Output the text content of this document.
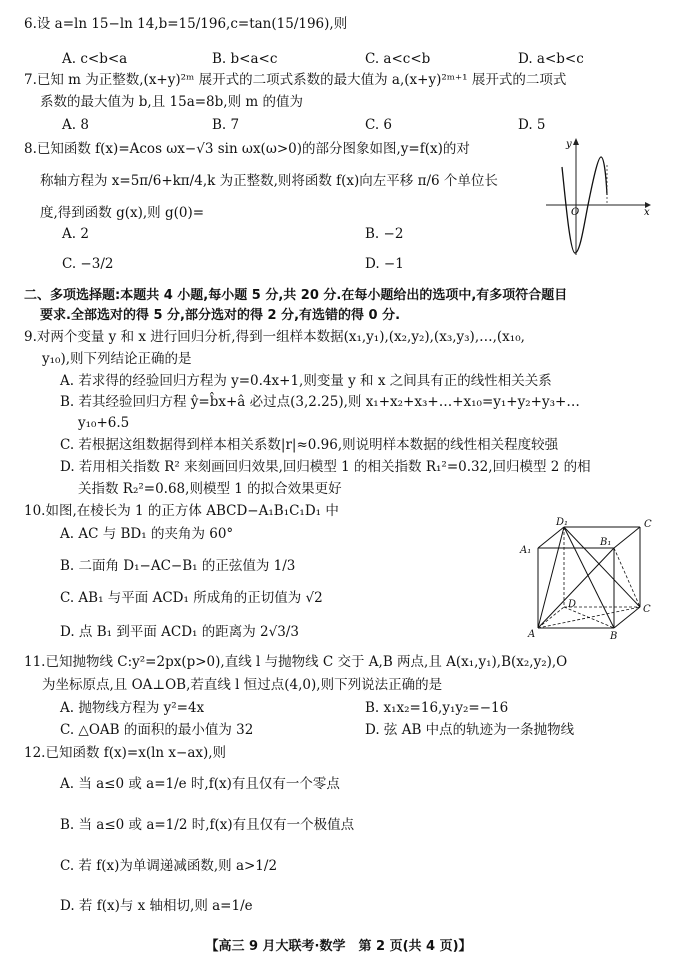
6.设 a=ln 15−ln 14,b=15/196,c=tan(15/196),则
A. c<b<a	B. b<a<c	C. a<c<b	D. a<b<c
7.已知 m 为正整数,(x+y)²ᵐ 展开式的二项式系数的最大值为 a,(x+y)²ᵐ⁺¹ 展开式的二项式
系数的最大值为 b,且 15a=8b,则 m 的值为
A. 8	B. 7	C. 6	D. 5
8.已知函数 f(x)=Acos ωx−√3 sin ωx(ω>0)的部分图象如图,y=f(x)的对
称轴方程为 x=5π/6+kπ/4,k 为正整数,则将函数 f(x)向左平移 π/6 个单位长
度,得到函数 g(x),则 g(0)=
A. 2	B. −2
C. −3/2	D. −1
y
O	x
二、多项选择题:本题共 4 小题,每小题 5 分,共 20 分.在每小题给出的选项中,有多项符合题目
要求.全部选对的得 5 分,部分选对的得 2 分,有选错的得 0 分.
9.对两个变量 y 和 x 进行回归分析,得到一组样本数据(x₁,y₁),(x₂,y₂),(x₃,y₃),…,(x₁₀,
y₁₀),则下列结论正确的是
A. 若求得的经验回归方程为 y=0.4x+1,则变量 y 和 x 之间具有正的线性相关关系
B. 若其经验回归方程 ŷ=b̂x+â 必过点(3,2.25),则 x₁+x₂+x₃+…+x₁₀=y₁+y₂+y₃+…
y₁₀+6.5
C. 若根据这组数据得到样本相关系数|r|≈0.96,则说明样本数据的线性相关程度较强
D. 若用相关指数 R² 来刻画回归效果,回归模型 1 的相关指数 R₁²=0.32,回归模型 2 的相
关指数 R₂²=0.68,则模型 1 的拟合效果更好
10.如图,在棱长为 1 的正方体 ABCD−A₁B₁C₁D₁ 中
A. AC 与 BD₁ 的夹角为 60°
B. 二面角 D₁−AC−B₁ 的正弦值为 1/3
C. AB₁ 与平面 ACD₁ 所成角的正切值为 √2
D. 点 B₁ 到平面 ACD₁ 的距离为 2√3/3
A₁
D₁
B₁
C
D
A	B
C
11.已知抛物线 C:y²=2px(p>0),直线 l 与抛物线 C 交于 A,B 两点,且 A(x₁,y₁),B(x₂,y₂),O
为坐标原点,且 OA⊥OB,若直线 l 恒过点(4,0),则下列说法正确的是
A. 抛物线方程为 y²=4x	B. x₁x₂=16,y₁y₂=−16
C. △OAB 的面积的最小值为 32	D. 弦 AB 中点的轨迹为一条抛物线
12.已知函数 f(x)=x(ln x−ax),则
A. 当 a≤0 或 a=1/e 时,f(x)有且仅有一个零点
B. 当 a≤0 或 a=1/2 时,f(x)有且仅有一个极值点
C. 若 f(x)为单调递减函数,则 a>1/2
D. 若 f(x)与 x 轴相切,则 a=1/e
【高三 9 月大联考·数学　第 2 页(共 4 页)】
